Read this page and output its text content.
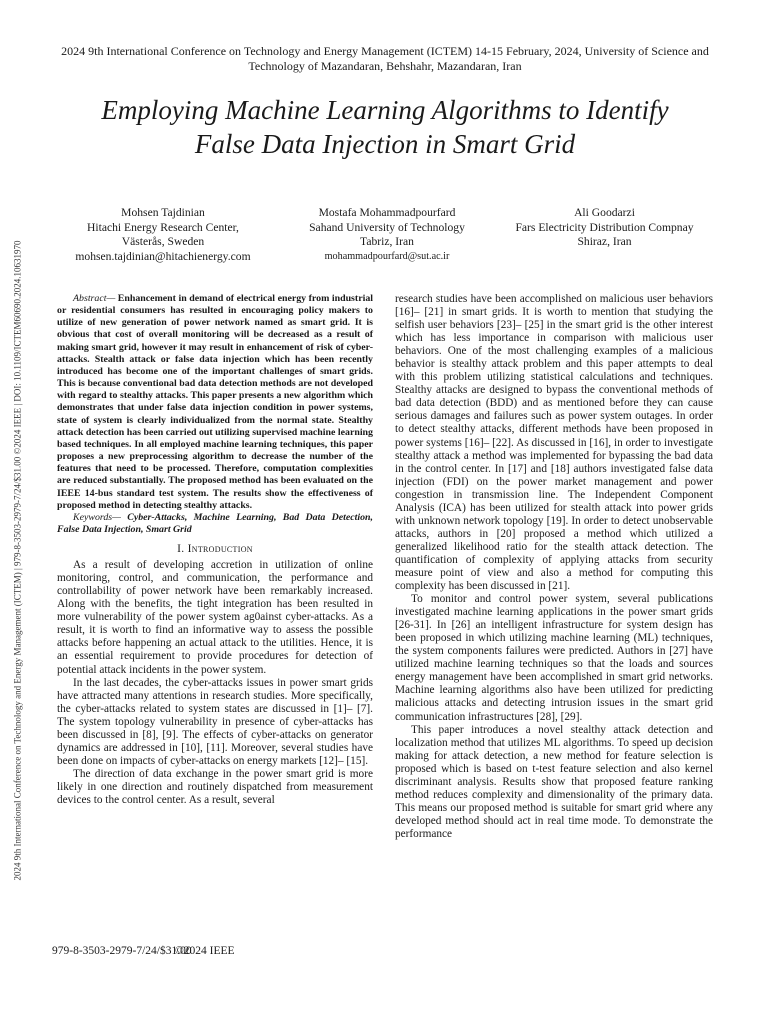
2024 9th International Conference on Technology and Energy Management (ICTEM) | 979-8-3503-2979-7/24/$31.00 ©2024 IEEE | DOI: 10.1109/ICTEM60690.2024.10631970
2024 9th International Conference on Technology and Energy Management (ICTEM) 14-15 February, 2024, University of Science and Technology of Mazandaran, Behshahr, Mazandaran, Iran
Employing Machine Learning Algorithms to Identify
False Data Injection in Smart Grid
Mohsen Tajdinian
Hitachi Energy Research Center,
Västerås, Sweden
mohsen.tajdinian@hitachienergy.com
Mostafa Mohammadpourfard
Sahand University of Technology
Tabriz, Iran
mohammadpourfard@sut.ac.ir
Ali Goodarzi
Fars Electricity Distribution Compnay
Shiraz, Iran

Abstract— Enhancement in demand of electrical energy from industrial or residential consumers has resulted in encouraging policy makers to utilize of new generation of power network named as smart grid. It is obvious that cost of overall monitoring will be decreased as a result of making smart grid, however it may result in enhancement of risk of cyber-attacks. Stealth attack or false data injection which has been recently introduced has become one of the important challenges of smart grids. This is because conventional bad data detection methods are not developed with regard to stealthy attacks. This paper presents a new algorithm which demonstrates that under false data injection condition in power systems, state of system is clearly individualized from the normal state. Stealthy attack detection has been carried out utilizing supervised machine learning based techniques. In all employed machine learning techniques, this paper proposes a new preprocessing algorithm to decrease the number of the features that need to be processed. Therefore, computation complexities are reduced substantially. The proposed method has been evaluated on the IEEE 14-bus standard test system. The results show the effectiveness of proposed method in detecting stealthy attacks.

Keywords— Cyber-Attacks, Machine Learning, Bad Data Detection, False Data Injection, Smart Grid

I. Introduction

As a result of developing accretion in utilization of online monitoring, control, and communication, the performance and controllability of power network have been remarkably increased. Along with the benefits, the tight integration has been resulted in more vulnerability of the power system ag0ainst cyber-attacks. As a result, it is worth to find an informative way to assess the possible attacks before happening an actual attack to the utilities. Hence, it is an essential requirement to provide procedures for detection of potential attack incidents in the power system.

In the last decades, the cyber-attacks issues in power smart grids have attracted many attentions in research studies. More specifically, the cyber-attacks related to system states are discussed in [1]– [7]. The system topology vulnerability in presence of cyber-attacks has been discussed in [8], [9]. The effects of cyber-attacks on generator dynamics are addressed in [10], [11]. Moreover, several studies have been done on impacts of cyber-attacks on energy markets [12]– [15].

The direction of data exchange in the power smart grid is more likely in one direction and routinely dispatched from measurement devices to the control center. As a result, several

research studies have been accomplished on malicious user behaviors [16]– [21] in smart grids. It is worth to mention that studying the selfish user behaviors [23]– [25] in the smart grid is the other interest which has less importance in comparison with malicious user behaviors. One of the most challenging examples of a malicious behavior is stealthy attack problem and this paper attempts to deal with this problem utilizing statistical calculations and techniques. Stealthy attacks are designed to bypass the conventional methods of bad data detection (BDD) and as mentioned before they can cause serious damages and failures such as power system outages. In order to detect stealthy attacks, different methods have been proposed in power systems [16]– [22]. As discussed in [16], in order to investigate stealthy attack a method was implemented for bypassing the bad data in the control center. In [17] and [18] authors investigated false data injection (FDI) on the power market management and power congestion in transmission line. The Independent Component Analysis (ICA) has been utilized for stealth attack into power grids with unknown network topology [19]. In order to detect unobservable attacks, authors in [20] proposed a method which utilized a generalized likelihood ratio for the stealth attack detection. The quantification of complexity of applying attacks from security measure point of view and also a method for computing this complexity has been discussed in [21].

To monitor and control power system, several publications investigated machine learning applications in the power smart grids [26-31]. In [26] an intelligent infrastructure for system design has been proposed in which utilizing machine learning (ML) techniques, the system components failures were predicted. Authors in [27] have utilized machine learning techniques so that the loads and sources energy management have been accomplished in smart grid networks. Machine learning algorithms also have been utilized for predicting malicious attacks and detecting intrusion issues in the smart grid communication infrastructures [28], [29].

This paper introduces a novel stealthy attack detection and localization method that utilizes ML algorithms. To speed up decision making for attack detection, a new method for feature selection is proposed which is based on t-test feature selection and also kernel discriminant analysis. Results show that proposed feature ranking method reduces complexity and dimensionality of the primary data. This means our proposed method is suitable for smart grid where any developed method should act in real time mode. To demonstrate the performance

979-8-3503-2979-7/24/$31.00
©2024 IEEE
